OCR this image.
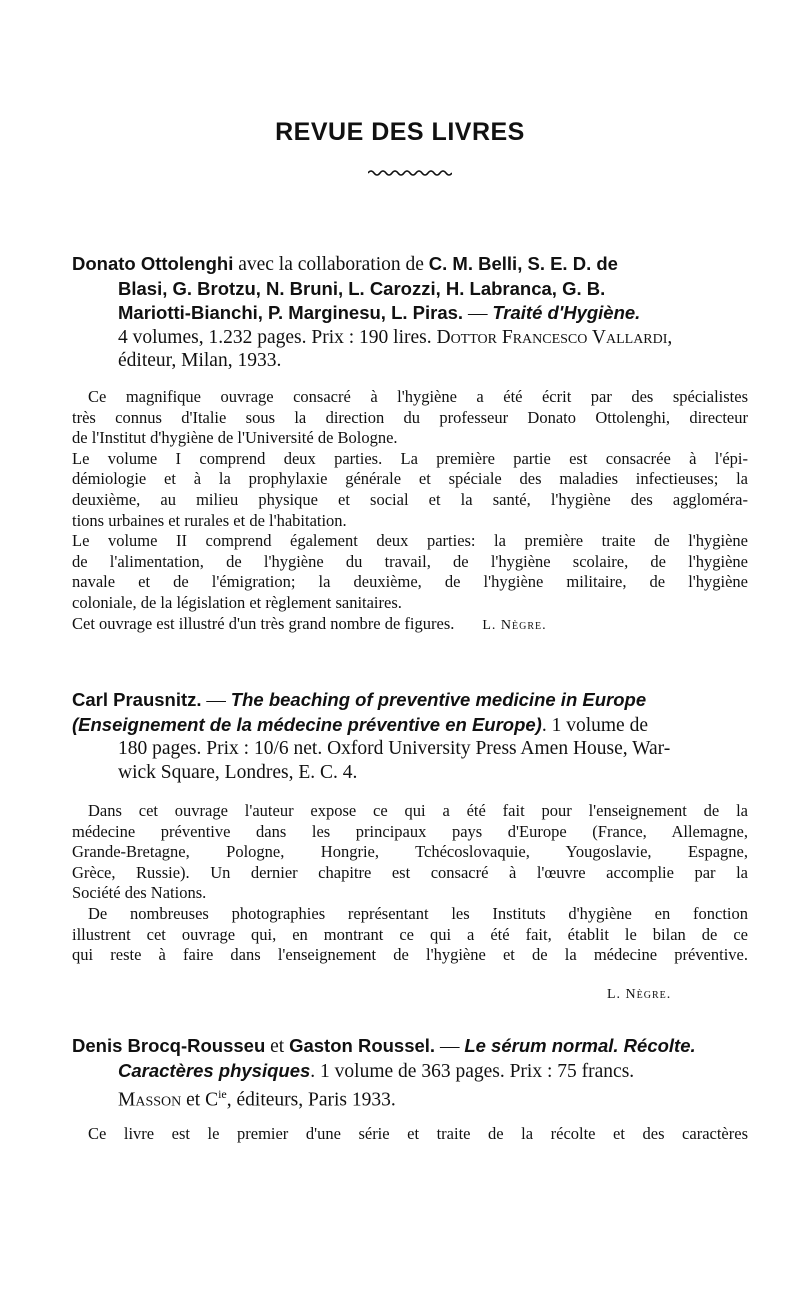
REVUE DES LIVRES
Donato Ottolenghi avec la collaboration de C. M. Belli, S. E. D. de
Blasi, G. Brotzu, N. Bruni, L. Carozzi, H. Labranca, G. B.
Mariotti-Bianchi, P. Marginesu, L. Piras. — Traité d'Hygiène.
4 volumes, 1.232 pages. Prix : 190 lires. Dottor Francesco Vallardi,
éditeur, Milan, 1933.
Ce magnifique ouvrage consacré à l'hygiène a été écrit par des spécialistes
très connus d'Italie sous la direction du professeur Donato Ottolenghi, directeur
de l'Institut d'hygiène de l'Université de Bologne.
Le volume I comprend deux parties. La première partie est consacrée à l'épi-
démiologie et à la prophylaxie générale et spéciale des maladies infectieuses; la
deuxième, au milieu physique et social et la santé, l'hygiène des aggloméra-
tions urbaines et rurales et de l'habitation.
Le volume II comprend également deux parties: la première traite de l'hygiène
de l'alimentation, de l'hygiène du travail, de l'hygiène scolaire, de l'hygiène
navale et de l'émigration; la deuxième, de l'hygiène militaire, de l'hygiène
coloniale, de la législation et règlement sanitaires.
Cet ouvrage est illustré d'un très grand nombre de figures. L. Nègre.
Carl Prausnitz. — The beaching of preventive medicine in Europe
(Enseignement de la médecine préventive en Europe). 1 volume de
180 pages. Prix : 10/6 net. Oxford University Press Amen House, War-
wick Square, Londres, E. C. 4.
Dans cet ouvrage l'auteur expose ce qui a été fait pour l'enseignement de la
médecine préventive dans les principaux pays d'Europe (France, Allemagne,
Grande-Bretagne, Pologne, Hongrie, Tchécoslovaquie, Yougoslavie, Espagne,
Grèce, Russie). Un dernier chapitre est consacré à l'œuvre accomplie par la
Société des Nations.
De nombreuses photographies représentant les Instituts d'hygiène en fonction
illustrent cet ouvrage qui, en montrant ce qui a été fait, établit le bilan de ce
qui reste à faire dans l'enseignement de l'hygiène et de la médecine préventive.
L. Nègre.
Denis Brocq-Rousseu et Gaston Roussel. — Le sérum normal. Récolte.
Caractères physiques. 1 volume de 363 pages. Prix : 75 francs.
Masson et $C^{ie}$, éditeurs, Paris 1933.
Ce livre est le premier d'une série et traite de la récolte et des caractères
